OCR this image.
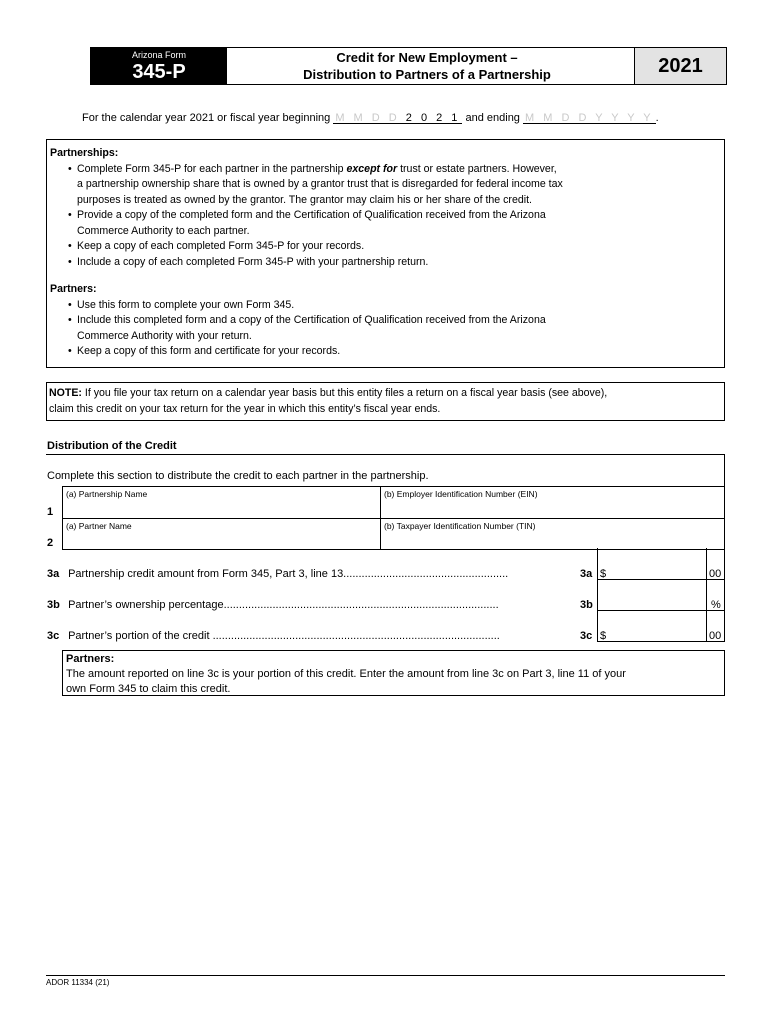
Arizona Form
345-P
Credit for New Employment –
Distribution to Partners of a Partnership	2021
For the calendar year 2021 or fiscal year beginning M M D D 2 0 2 1 and ending M M D D Y Y Y Y .
Partnerships:
• Complete Form 345-P for each partner in the partnership except for trust or estate partners. However,
a partnership ownership share that is owned by a grantor trust that is disregarded for federal income tax
purposes is treated as owned by the grantor. The grantor may claim his or her share of the credit.
• Provide a copy of the completed form and the Certification of Qualification received from the Arizona
Commerce Authority to each partner.
• Keep a copy of each completed Form 345-P for your records.
• Include a copy of each completed Form 345-P with your partnership return.
Partners:
• Use this form to complete your own Form 345.
• Include this completed form and a copy of the Certification of Qualification received from the Arizona
Commerce Authority with your return.
• Keep a copy of this form and certificate for your records.
NOTE: If you file your tax return on a calendar year basis but this entity files a return on a fiscal year basis (see above),
claim this credit on your tax return for the year in which this entity’s fiscal year ends.
Distribution of the Credit
Complete this section to distribute the credit to each partner in the partnership.
1
2
(a) Partnership Name	(b) Employer Identification Number (EIN)
(a) Partner Name	(b) Taxpayer Identification Number (TIN)
3a Partnership credit amount from Form 345, Part 3, line 13......................................................	3a $	00
3b Partner’s ownership percentage..........................................................................................	3b	%
3c Partner’s portion of the credit ..............................................................................................	3c $	00
Partners:
The amount reported on line 3c is your portion of this credit. Enter the amount from line 3c on Part 3, line 11 of your
own Form 345 to claim this credit.
ADOR 11334 (21)
